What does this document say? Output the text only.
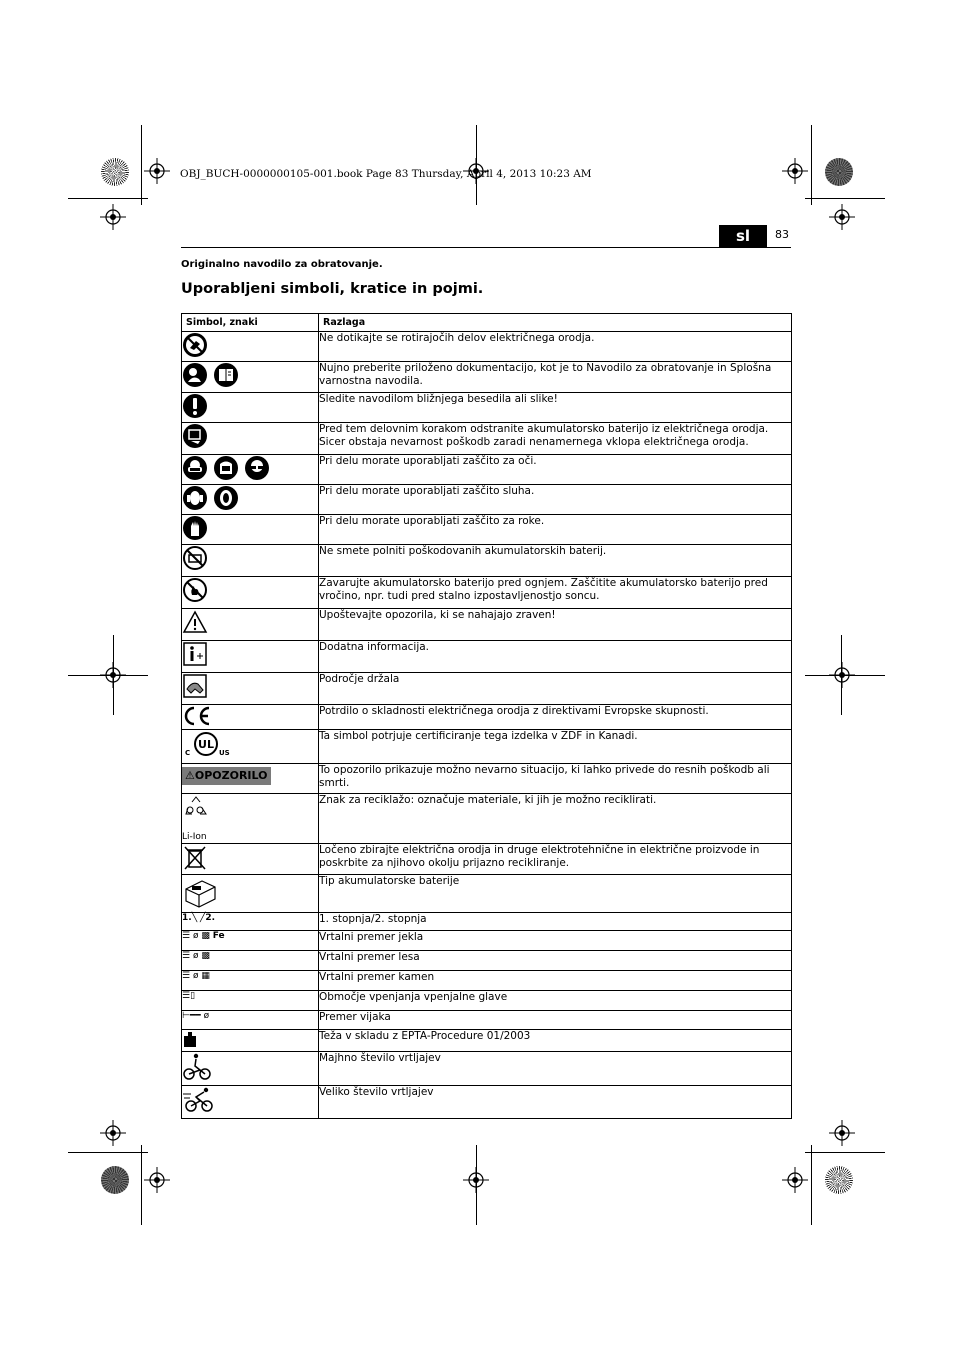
OBJ_BUCH-0000000105-001.book Page 83 Thursday, April 4, 2013 10:23 AM
sl	83
Originalno navodilo za obratovanje.
Uporabljeni simboli, kratice in pojmi.
Simbol, znaki	Razlaga
	Ne dotikajte se rotirajočih delov električnega orodja.
	Nujno preberite priloženo dokumentacijo, kot je to Navodilo za obratovanje in Splošna varnostna navodila.
	Sledite navodilom bližnjega besedila ali slike!
	Pred tem delovnim korakom odstranite akumulatorsko baterijo iz električnega orodja. Sicer obstaja nevarnost poškodb zaradi nenamernega vklopa električnega orodja.
	Pri delu morate uporabljati zaščito za oči.
	Pri delu morate uporabljati zaščito sluha.
	Pri delu morate uporabljati zaščito za roke.
	Ne smete polniti poškodovanih akumulatorskih baterij.
	Zavarujte akumulatorsko baterijo pred ognjem. Zaščitite akumulatorsko baterijo pred vročino, npr. tudi pred stalno izpostavljenostjo soncu.
	Upoštevajte opozorila, ki se nahajajo zraven!
	Dodatna informacija.
	Področje držala
	Potrdilo o skladnosti električnega orodja z direktivami Evropske skupnosti.

UL
C US	Ta simbol potrjuje certificiranje tega izdelka v ZDF in Kanadi.
⚠OPOZORILO	To opozorilo prikazuje možno nevarno situacijo, ki lahko privede do resnih poškodb ali smrti.

Li-Ion	Znak za reciklažo: označuje materiale, ki jih je možno reciklirati.
	Ločeno zbirajte električna orodja in druge elektrotehnične in električne proizvode in poskrbite za njihovo okolju prijazno recikliranje.
	Tip akumulatorske baterije
1.╲ ╱2.	1. stopnja/2. stopnja
☰ ø ▩ Fe	Vrtalni premer jekla
☰ ø ▩	Vrtalni premer lesa
☰ ø ▦	Vrtalni premer kamen
☰▯	Območje vpenjanja vpenjalne glave
⊢━━ ø	Premer vijaka
	Teža v skladu z EPTA-Procedure 01/2003
	Majhno število vrtljajev
	Veliko število vrtljajev
